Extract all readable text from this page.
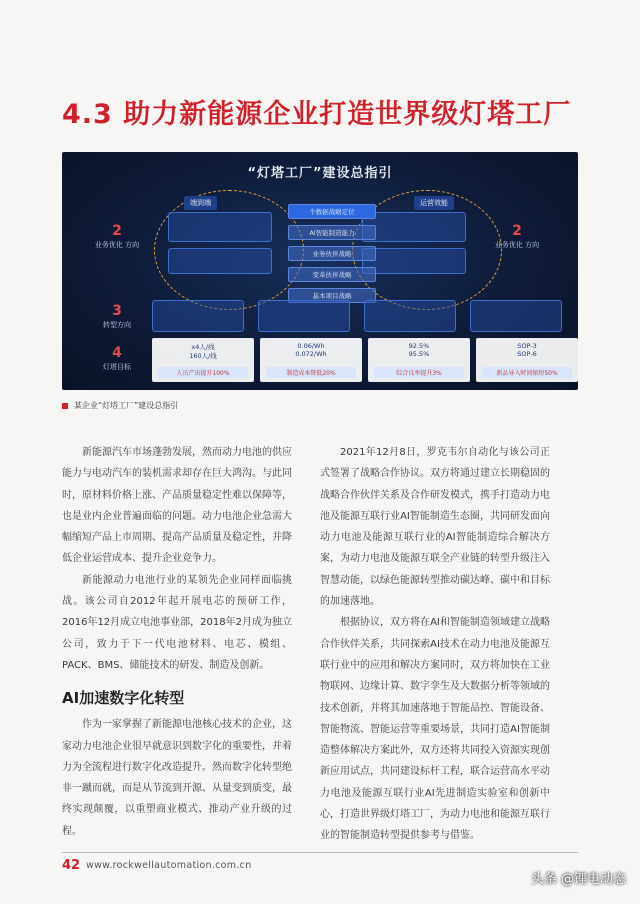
4.3 助力新能源企业打造世界级灯塔工厂
“灯塔工厂”建设总指引
2
业务优化 方向
2
业务优化 方向
端到端	运营效能
个数据战略定位
AI智能制造能力
业务伙伴战略
变革伙伴战略
基本项目战略
3
转型方向
4
灯塔目标
x4人/线
160人/线
人员产出提升100%
0.06/Wh
0.072/Wh
制造成本降低20%
92.5%
95.5%
综合良率提升3%
SOP-3
SOP-6
新品导入时间缩短50%
某企业“灯塔工厂”建设总指引

新能源汽车市场蓬勃发展，然而动力电池的供应能力与电动汽车的装机需求却存在巨大鸿沟。与此同时，原材料价格上涨、产品质量稳定性难以保障等，也是业内企业普遍面临的问题。动力电池企业急需大幅缩短产品上市周期、提高产品质量及稳定性，并降低企业运营成本、提升企业竞争力。

新能源动力电池行业的某领先企业同样面临挑战。该公司自2012年起开展电芯的预研工作，2016年12月成立电池事业部，2018年2月成为独立公司，致力于下一代电池材料、电芯、模组、PACK、BMS、储能技术的研发、制造及创新。

AI加速数字化转型

作为一家掌握了新能源电池核心技术的企业，这家动力电池企业很早就意识到数字化的重要性，并着力为全流程进行数字化改造提升。然而数字化转型绝非一蹴而就，而是从节流到开源、从量变到质变，最终实现颠覆，以重塑商业模式、推动产业升级的过程。

2021年12月8日，罗克韦尔自动化与该公司正式签署了战略合作协议。双方将通过建立长期稳固的战略合作伙伴关系及合作研发模式，携手打造动力电池及能源互联行业AI智能制造生态圈，共同研发面向动力电池及能源互联行业的AI智能制造综合解决方案，为动力电池及能源互联全产业链的转型升级注入智慧动能，以绿色能源转型推动碳达峰、碳中和目标的加速落地。

根据协议，双方将在AI和智能制造领域建立战略合作伙伴关系，共同探索AI技术在动力电池及能源互联行业中的应用和解决方案同时，双方将加快在工业物联网、边缘计算、数字孪生及大数据分析等领域的技术创新，并将其加速落地于智能品控、智能设备、智能物流、智能运营等重要场景，共同打造AI智能制造整体解决方案此外，双方还将共同投入资源实现创新应用试点，共同建设标杆工程，联合运营高水平动力电池及能源互联行业AI先进制造实验室和创新中心，打造世界级灯塔工厂，为动力电池和能源互联行业的智能制造转型提供参考与借鉴。

42 www.rockwellautomation.com.cn
头条 @锂电动态
